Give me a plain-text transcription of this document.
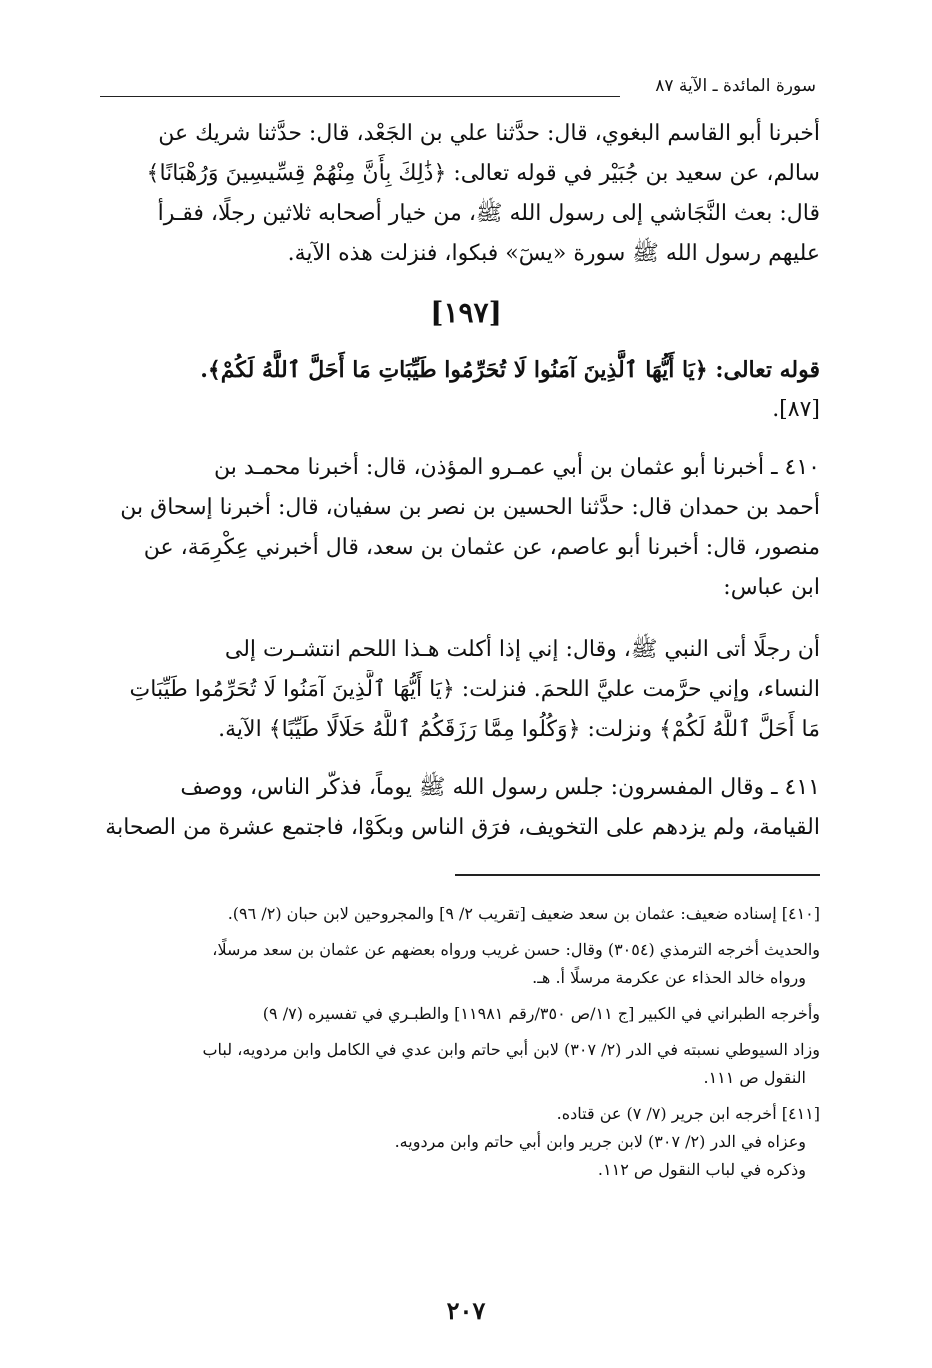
سورة المائدة ـ الآية ٨٧
أخبرنا أبو القاسم البغوي، قال: حدَّثنا علي بن الجَعْد، قال: حدَّثنا شريك عن
سالم، عن سعيد بن جُبَيْر في قوله تعالى: ﴿ذَٰلِكَ بِأَنَّ مِنْهُمْ قِسِّيسِينَ وَرُهْبَانًا﴾
قال: بعث النَّجَاشي إلى رسول الله ﷺ، من خيار أصحابه ثلاثين رجلًا، فقـرأ
عليهم رسول الله ﷺ سورة «يسٓ» فبكوا، فنزلت هذه الآية.
[١٩٧]
قوله تعالى: ﴿يَا أَيُّهَا ٱلَّذِينَ آمَنُوا لَا تُحَرِّمُوا طَيِّبَاتِ مَا أَحَلَّ ٱللَّهُ لَكُمْ﴾.
[٨٧].
٤١٠ ـ أخبرنا أبو عثمان بن أبي عمـرو المؤذن، قال: أخبرنا محمـد بن
أحمد بن حمدان قال: حدَّثنا الحسين بن نصر بن سفيان، قال: أخبرنا إسحاق بن
منصور، قال: أخبرنا أبو عاصم، عن عثمان بن سعد، قال أخبرني عِكْرِمَة، عن
ابن عباس:
أن رجلًا أتى النبي ﷺ، وقال: إني إذا أكلت هـذا اللحم انتشـرت إلى
النساء، وإني حرَّمت عليَّ اللحمَ. فنزلت: ﴿يَا أَيُّهَا ٱلَّذِينَ آمَنُوا لَا تُحَرِّمُوا طَيِّبَاتِ
مَا أَحَلَّ ٱللَّهُ لَكُمْ﴾ ونزلت: ﴿وَكُلُوا مِمَّا رَزَقَكُمُ ٱللَّهُ حَلَالًا طَيِّبًا﴾ الآية.
٤١١ ـ وقال المفسرون: جلس رسول الله ﷺ يوماً، فذكّر الناس، ووصف
القيامة، ولم يزدهم على التخويف، فرَق الناس وبكَوْا، فاجتمع عشرة من الصحابة
[٤١٠] إسناده ضعيف: عثمان بن سعد ضعيف [تقريب ٢/ ٩] والمجروحين لابن حبان (٢/ ٩٦).
والحديث أخرجه الترمذي (٣٠٥٤) وقال: حسن غريب ورواه بعضهم عن عثمان بن سعد مرسلًا،
ورواه خالد الحذاء عن عكرمة مرسلًا أ. هـ.
وأخرجه الطبراني في الكبير [ج ١١/ص ٣٥٠/رقم ١١٩٨١] والطبـري في تفسيره (٧/ ٩)
وزاد السيوطي نسبته في الدر (٢/ ٣٠٧) لابن أبي حاتم وابن عدي في الكامل وابن مردويه، لباب
النقول ص ١١١.
[٤١١] أخرجه ابن جرير (٧/ ٧) عن قتاده.
وعزاه في الدر (٢/ ٣٠٧) لابن جرير وابن أبي حاتم وابن مردويه.
وذكره في لباب النقول ص ١١٢.
٢٠٧
